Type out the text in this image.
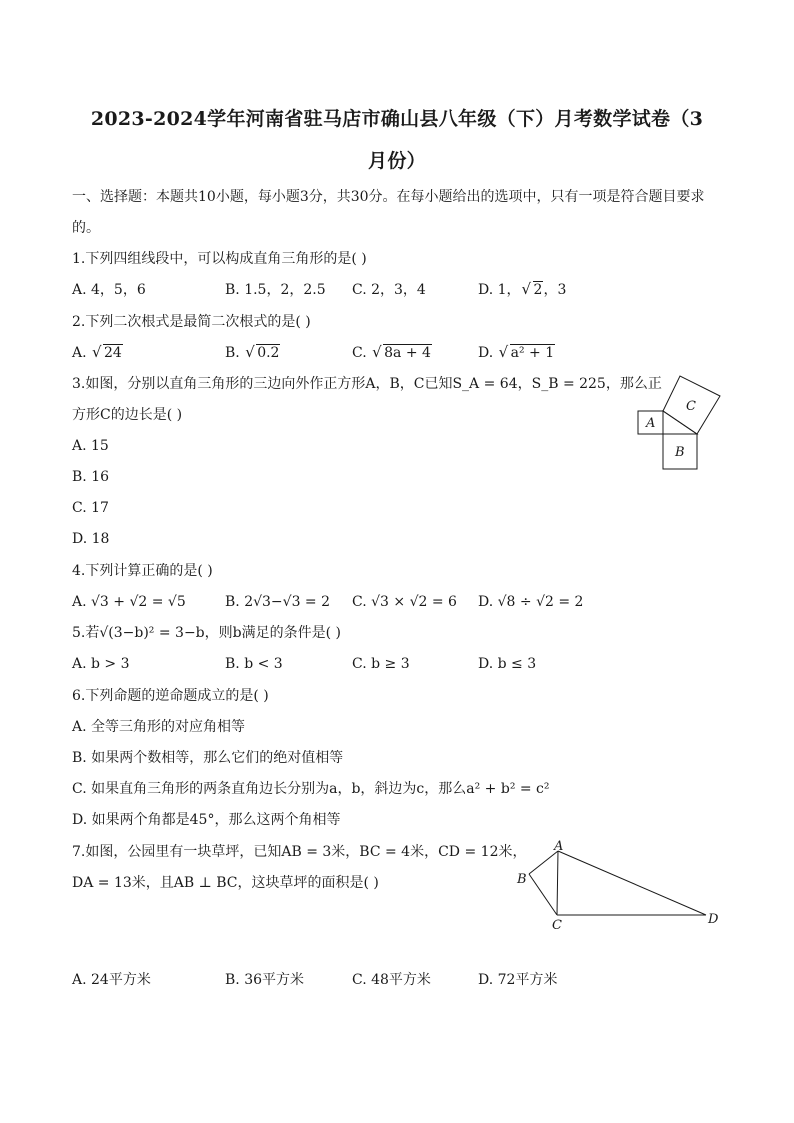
2023-2024学年河南省驻马店市确山县八年级（下）月考数学试卷（3
月份）
一、选择题：本题共10小题，每小题3分，共30分。在每小题给出的选项中，只有一项是符合题目要求
的。
1.下列四组线段中，可以构成直角三角形的是( )
A. 4，5，6	B. 1.5，2，2.5 C. 2，3，4	D. 1，√ 2，3
2.下列二次根式是最简二次根式的是( )
A. √ 24	B. √ 0.2	C. √ 8a + 4	D. √ a² + 1
3.如图，分别以直角三角形的三边向外作正方形A，B，C已知S_A = 64，S_B = 225，那么正
方形C的边长是( )
A. 15
B. 16
C. 17
D. 18
A
B
C
4.下列计算正确的是( )
A. √3 + √2 = √5	B. 2√3−√3 = 2 C. √3 × √2 = 6 D. √8 ÷ √2 = 2
5.若√(3−b)² = 3−b，则b满足的条件是( )
A. b > 3	B. b < 3	C. b ≥ 3	D. b ≤ 3
6.下列命题的逆命题成立的是( )
A. 全等三角形的对应角相等
B. 如果两个数相等，那么它们的绝对值相等
C. 如果直角三角形的两条直角边长分别为a，b，斜边为c，那么a² + b² = c²
D. 如果两个角都是45°，那么这两个角相等
7.如图，公园里有一块草坪，已知AB = 3米，BC = 4米，CD = 12米，
DA = 13米，且AB ⊥ BC，这块草坪的面积是( )
A
B
C	D
A. 24平方米	B. 36平方米	C. 48平方米	D. 72平方米
